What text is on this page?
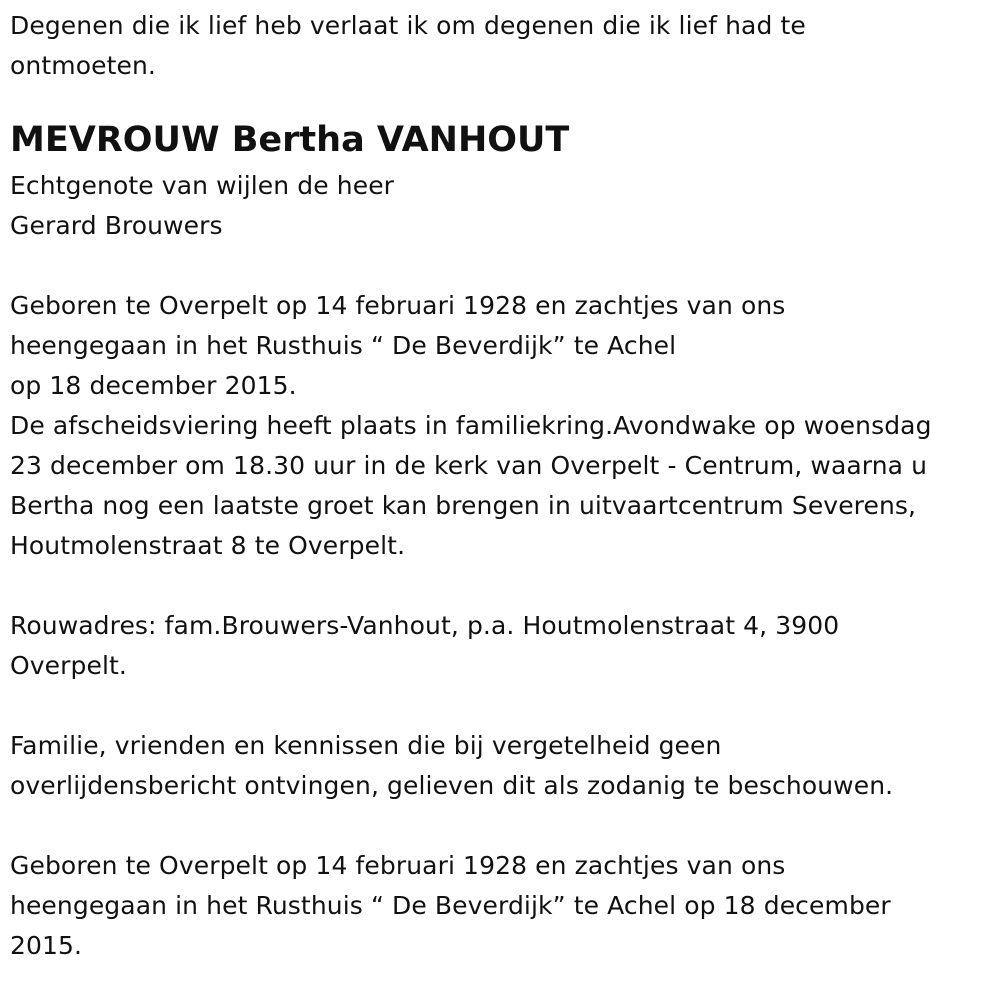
Degenen die ik lief heb verlaat ik om degenen die ik lief had te
ontmoeten.
MEVROUW Bertha VANHOUT
Echtgenote van wijlen de heer
Gerard Brouwers
Geboren te Overpelt op 14 februari 1928 en zachtjes van ons
heengegaan in het Rusthuis “ De Beverdijk” te Achel
op 18 december 2015.
De afscheidsviering heeft plaats in familiekring.Avondwake op woensdag
23 december om 18.30 uur in de kerk van Overpelt - Centrum, waarna u
Bertha nog een laatste groet kan brengen in uitvaartcentrum Severens,
Houtmolenstraat 8 te Overpelt.
Rouwadres: fam.Brouwers-Vanhout, p.a. Houtmolenstraat 4, 3900
Overpelt.
Familie, vrienden en kennissen die bij vergetelheid geen
overlijdensbericht ontvingen, gelieven dit als zodanig te beschouwen.
Geboren te Overpelt op 14 februari 1928 en zachtjes van ons
heengegaan in het Rusthuis “ De Beverdijk” te Achel op 18 december
2015.
